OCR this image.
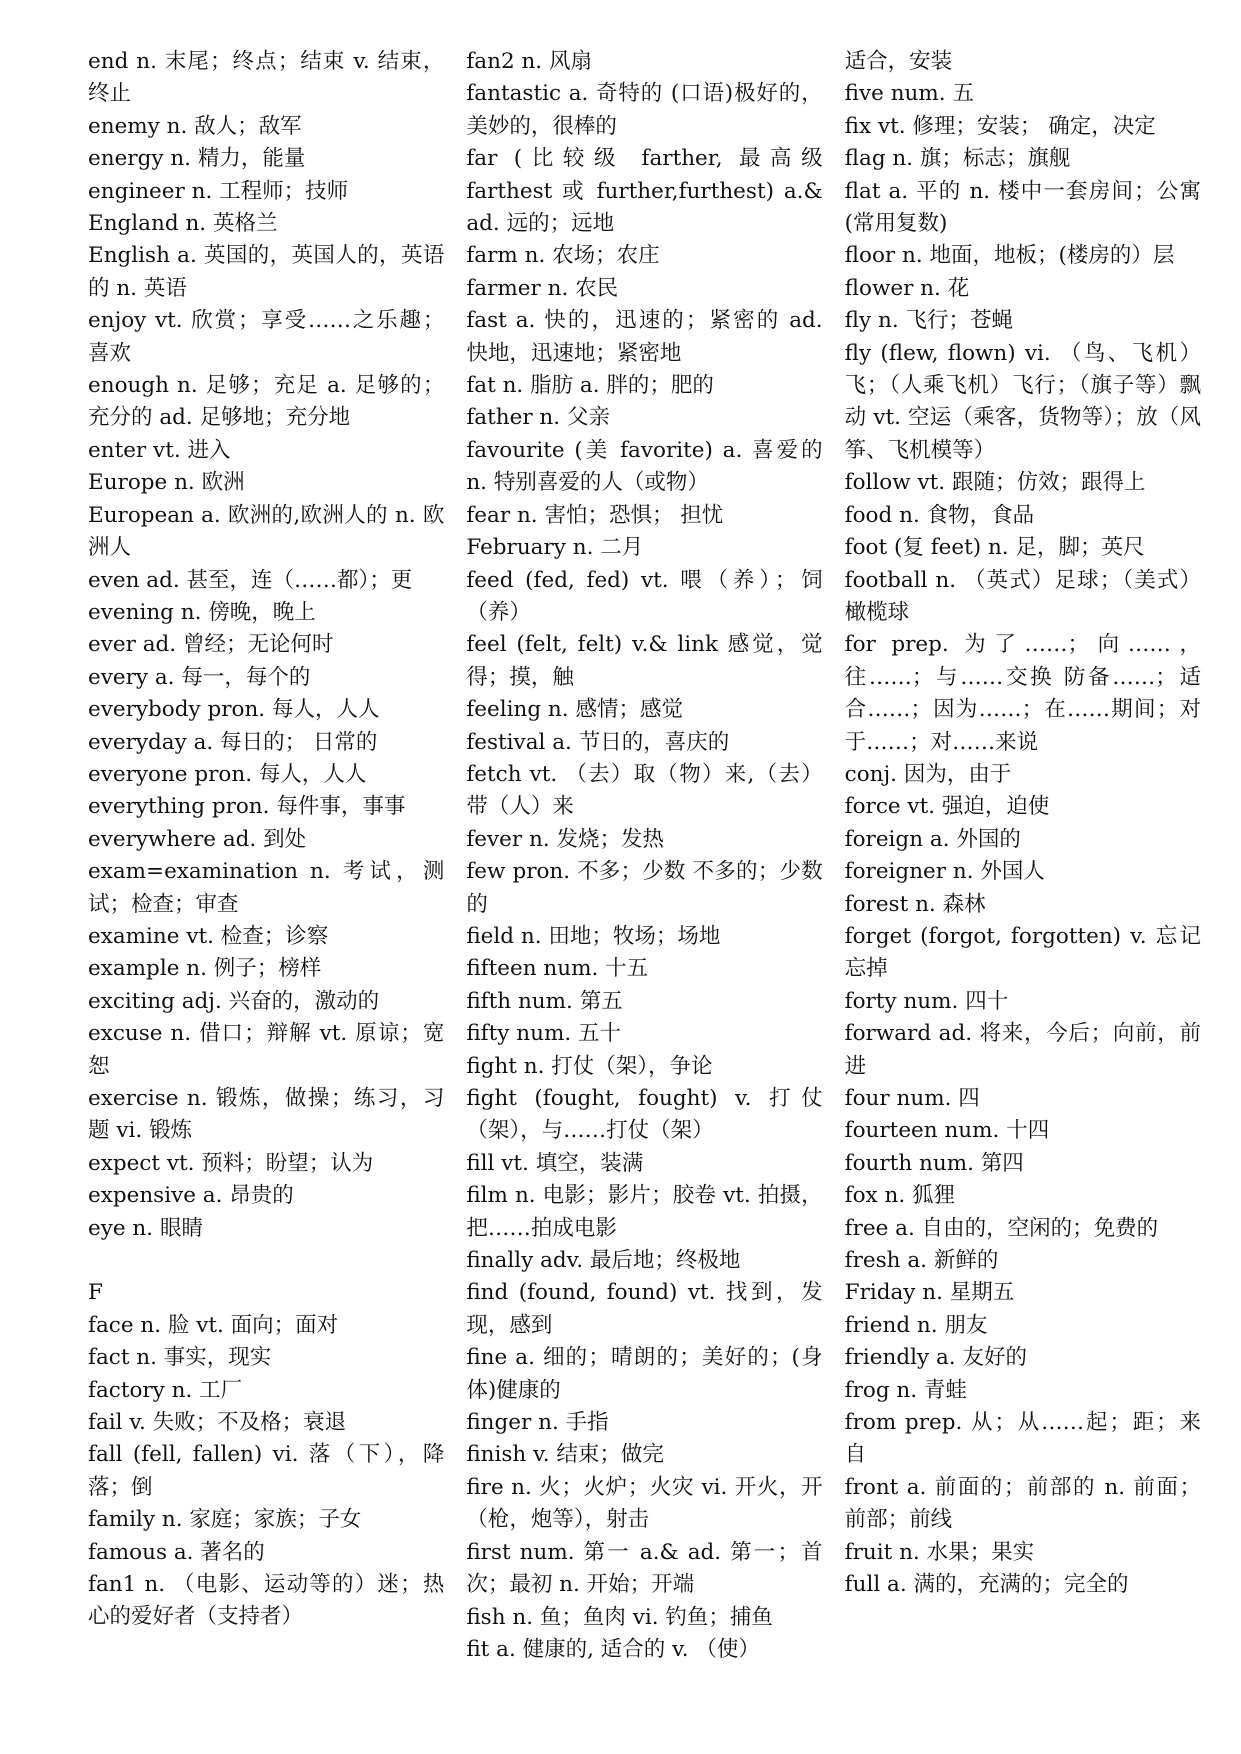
end n. 末尾；终点；结束 v. 结束，终止

enemy n. 敌人；敌军

energy n. 精力，能量

engineer n. 工程师；技师

England n. 英格兰

English a. 英国的，英国人的，英语的 n. 英语

enjoy vt. 欣赏；享受……之乐趣；喜欢

enough n. 足够；充足 a. 足够的；充分的 ad. 足够地；充分地

enter vt. 进入

Europe n. 欧洲

European a. 欧洲的,欧洲人的 n. 欧洲人

even ad. 甚至，连（……都）；更

evening n. 傍晚，晚上

ever ad. 曾经；无论何时

every a. 每一，每个的

everybody pron. 每人，人人

everyday a. 每日的； 日常的

everyone pron. 每人，人人

everything pron. 每件事，事事

everywhere ad. 到处

exam=examination n. 考试，测试；检查；审查

examine vt. 检查；诊察

example n. 例子；榜样

exciting adj. 兴奋的，激动的

excuse n. 借口；辩解 vt. 原谅；宽恕

exercise n. 锻炼，做操；练习，习题 vi. 锻炼

expect vt. 预料；盼望；认为

expensive a. 昂贵的

eye n. 眼睛

F

face n. 脸 vt. 面向；面对

fact n. 事实，现实

factory n. 工厂

fail v. 失败；不及格；衰退

fall (fell, fallen) vi. 落（下），降落；倒

family n. 家庭；家族；子女

famous a. 著名的

fan1 n. （电影、运动等的）迷；热心的爱好者（支持者）

fan2 n. 风扇

fantastic a. 奇特的 (口语)极好的，美妙的，很棒的

far (比较级 farther, 最高级 farthest 或 further,furthest) a.& ad. 远的；远地

farm n. 农场；农庄

farmer n. 农民

fast a. 快的，迅速的；紧密的 ad. 快地，迅速地；紧密地

fat n. 脂肪 a. 胖的；肥的

father n. 父亲

favourite (美 favorite) a. 喜爱的 n. 特别喜爱的人（或物）

fear n. 害怕；恐惧； 担忧

February n. 二月

feed (fed, fed) vt. 喂（养）；饲（养）

feel (felt, felt) v.& link 感觉，觉得；摸，触

feeling n. 感情；感觉

festival a. 节日的，喜庆的

fetch vt. （去）取（物）来,（去）带（人）来

fever n. 发烧；发热

few pron. 不多；少数 不多的；少数的

field n. 田地；牧场；场地

fifteen num. 十五

fifth num. 第五

fifty num. 五十

fight n. 打仗（架），争论

fight (fought, fought) v. 打仗（架），与……打仗（架）

fill vt. 填空，装满

film n. 电影；影片；胶卷 vt. 拍摄，把……拍成电影

finally adv. 最后地；终极地

find (found, found) vt. 找到，发现，感到

fine a. 细的；晴朗的；美好的；(身体)健康的

finger n. 手指

finish v. 结束；做完

fire n. 火；火炉；火灾 vi. 开火，开（枪，炮等），射击

first num. 第一 a.& ad. 第一；首次；最初 n. 开始；开端

fish n. 鱼；鱼肉 vi. 钓鱼；捕鱼

fit a. 健康的, 适合的 v. （使）

适合，安装

five num. 五

fix vt. 修理；安装； 确定，决定

flag n. 旗；标志；旗舰

flat a. 平的 n. 楼中一套房间；公寓(常用复数)

floor n. 地面，地板；(楼房的）层

flower n. 花

fly n. 飞行；苍蝇

fly (flew, flown) vi. （鸟、飞机）飞；（人乘飞机）飞行；（旗子等）飘动 vt. 空运（乘客，货物等）；放（风筝、飞机模等）

follow vt. 跟随；仿效；跟得上

food n. 食物，食品

foot (复 feet) n. 足，脚；英尺

football n. （英式）足球；（美式）橄榄球

for prep. 为了……；向……，往……；与……交换 防备……；适合……；因为……；在……期间；对于……；对……来说

conj. 因为，由于

force vt. 强迫，迫使

foreign a. 外国的

foreigner n. 外国人

forest n. 森林

forget (forgot, forgotten) v. 忘记忘掉

forty num. 四十

forward ad. 将来，今后；向前，前进

four num. 四

fourteen num. 十四

fourth num. 第四

fox n. 狐狸

free a. 自由的，空闲的；免费的

fresh a. 新鲜的

Friday n. 星期五

friend n. 朋友

friendly a. 友好的

frog n. 青蛙

from prep. 从；从……起；距；来自

front a. 前面的；前部的 n. 前面；前部；前线

fruit n. 水果；果实

full a. 满的，充满的；完全的
